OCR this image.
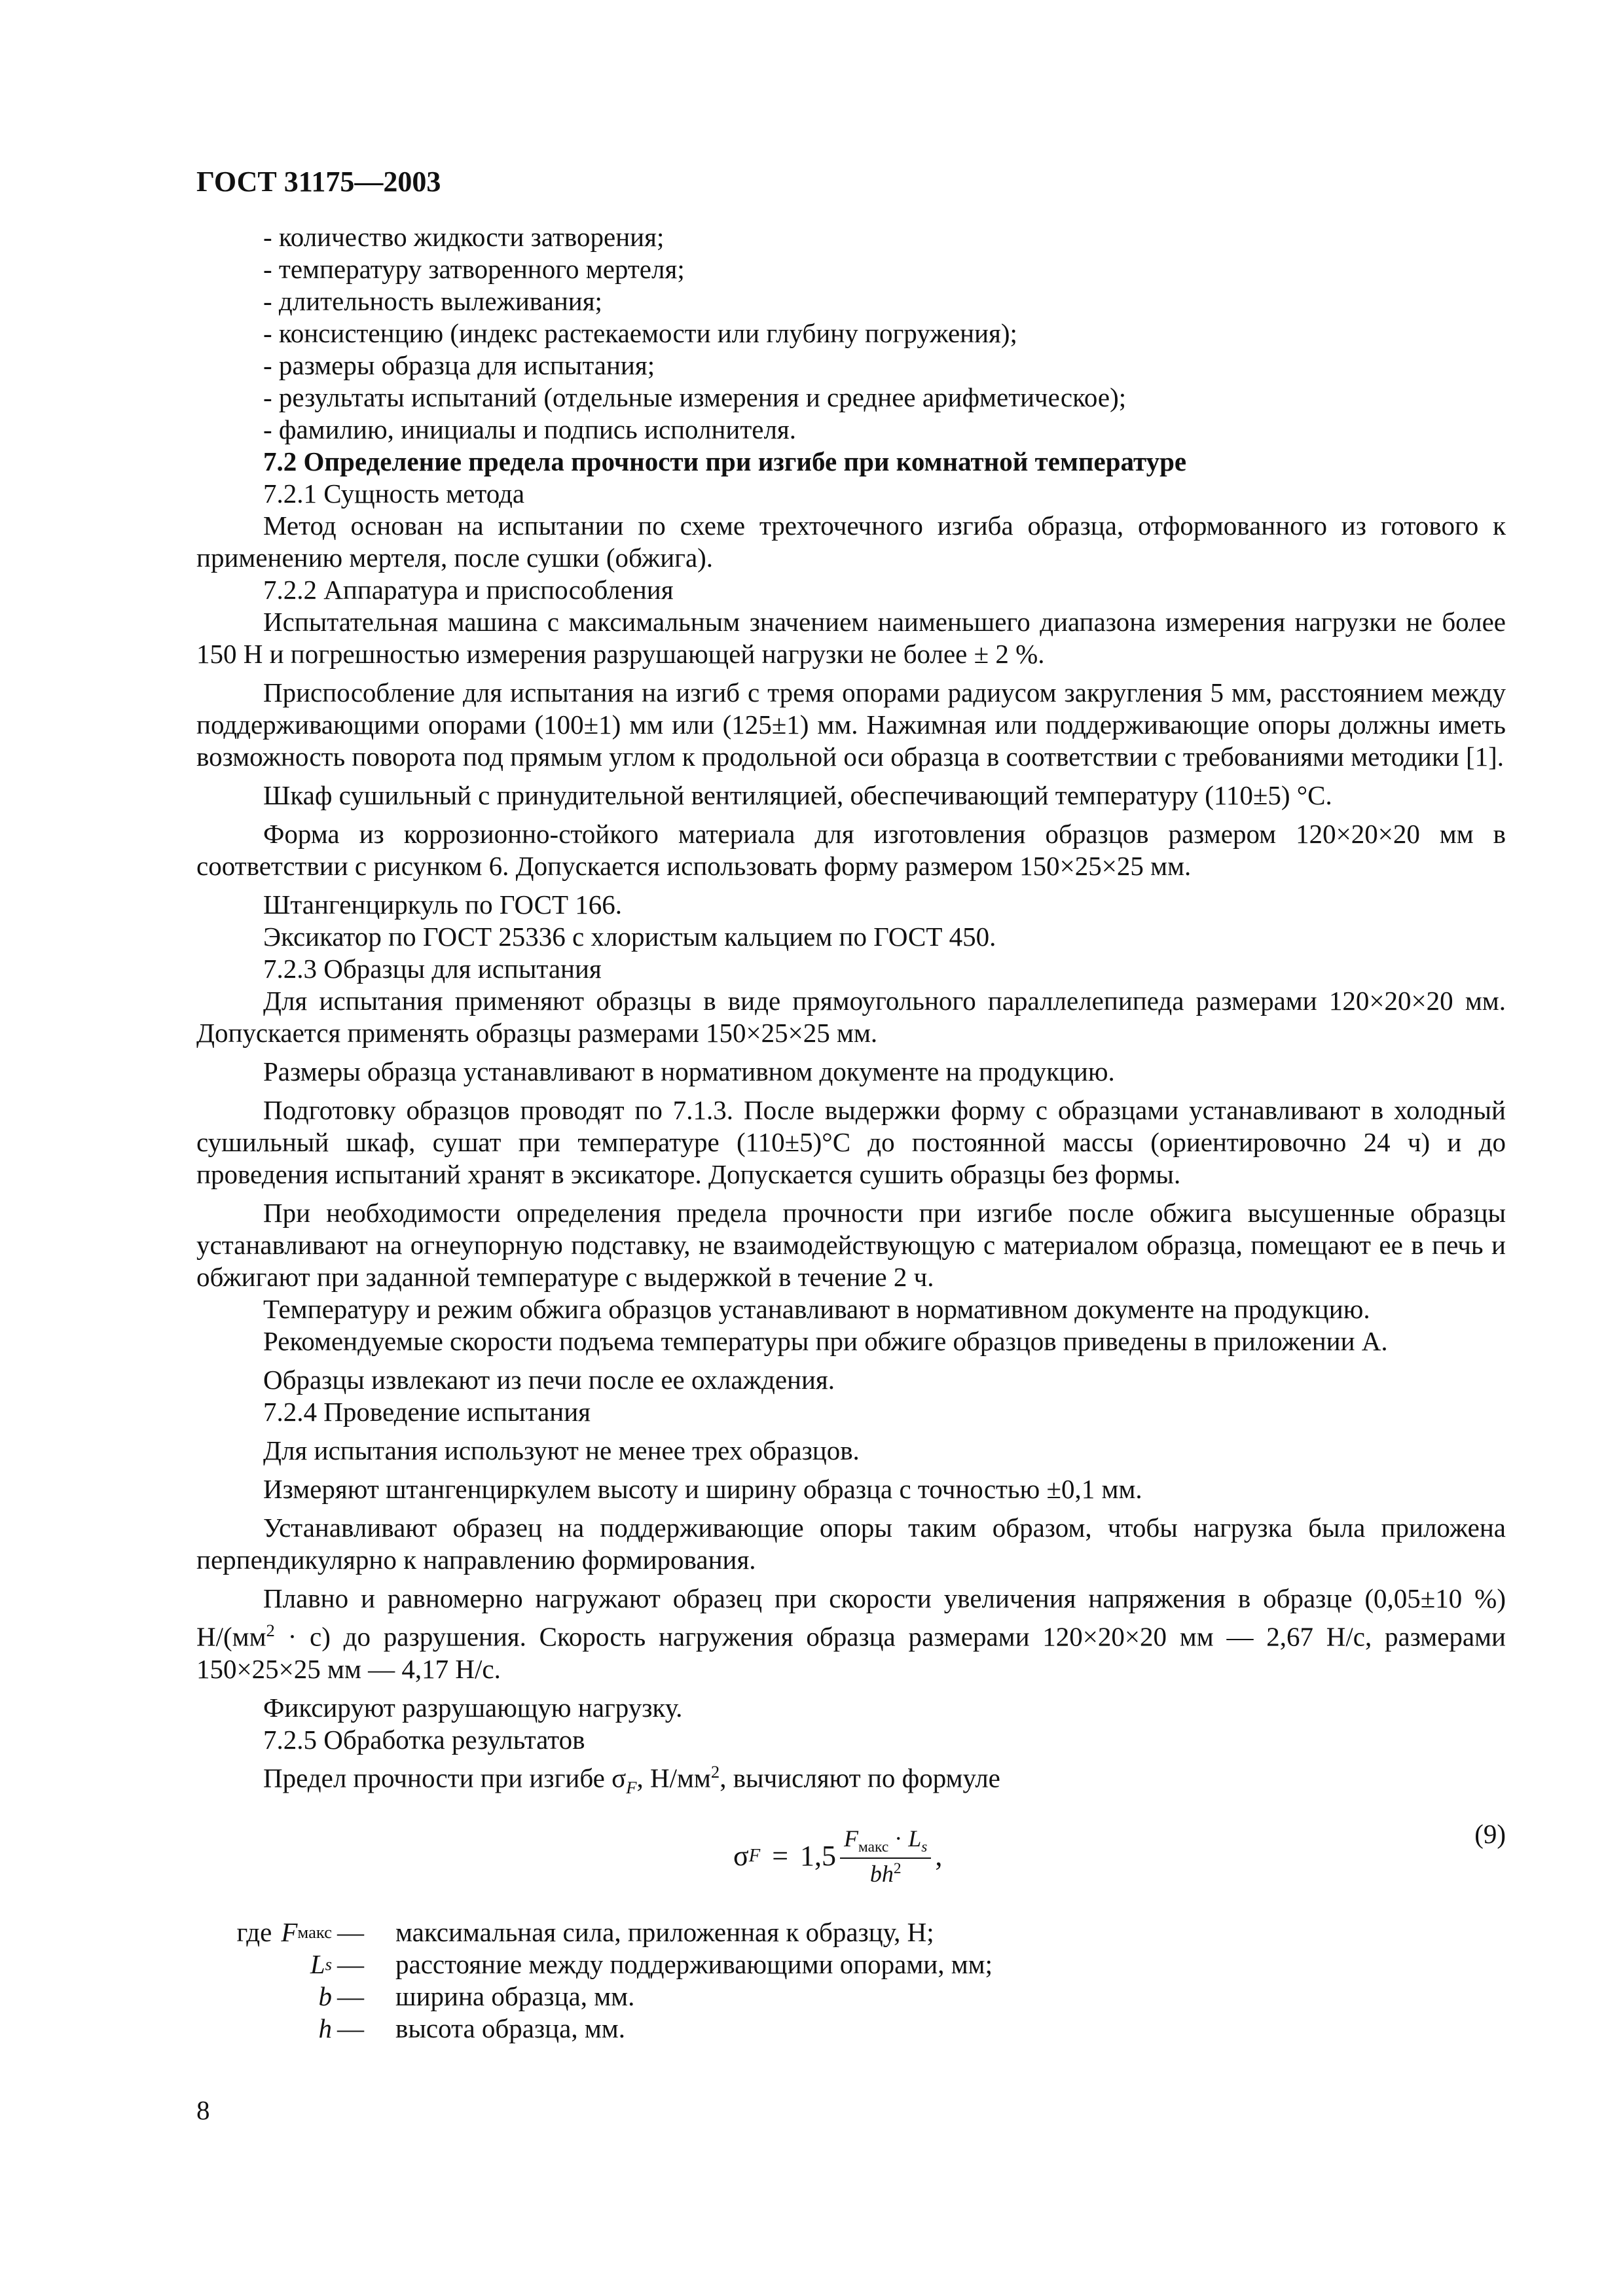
ГОСТ 31175—2003

- количество жидкости затворения;

- температуру затворенного мертеля;

- длительность вылеживания;

- консистенцию (индекс растекаемости или глубину погружения);

- размеры образца для испытания;

- результаты испытаний (отдельные измерения и среднее арифметическое);

- фамилию, инициалы и подпись исполнителя.

7.2 Определение предела прочности при изгибе при комнатной температуре

7.2.1 Сущность метода

Метод основан на испытании по схеме трехточечного изгиба образца, отформованного из готового к применению мертеля, после сушки (обжига).

7.2.2 Аппаратура и приспособления

Испытательная машина с максимальным значением наименьшего диапазона измерения нагрузки не более 150 Н и погрешностью измерения разрушающей нагрузки не более ± 2 %.

Приспособление для испытания на изгиб с тремя опорами радиусом закругления 5 мм, расстоянием между поддерживающими опорами (100±1) мм или (125±1) мм. Нажимная или поддерживающие опоры должны иметь возможность поворота под прямым углом к продольной оси образца в соответствии с требованиями методики [1].

Шкаф сушильный с принудительной вентиляцией, обеспечивающий температуру (110±5) °С.

Форма из коррозионно-стойкого материала для изготовления образцов размером 120×20×20 мм в соответствии с рисунком 6. Допускается использовать форму размером 150×25×25 мм.

Штангенциркуль по ГОСТ 166.

Эксикатор по ГОСТ 25336 с хлористым кальцием по ГОСТ 450.

7.2.3 Образцы для испытания

Для испытания применяют образцы в виде прямоугольного параллелепипеда размерами 120×20×20 мм. Допускается применять образцы размерами 150×25×25 мм.

Размеры образца устанавливают в нормативном документе на продукцию.

Подготовку образцов проводят по 7.1.3. После выдержки форму с образцами устанавливают в холодный сушильный шкаф, сушат при температуре (110±5)°С до постоянной массы (ориентировочно 24 ч) и до проведения испытаний хранят в эксикаторе. Допускается сушить образцы без формы.

При необходимости определения предела прочности при изгибе после обжига высушенные образцы устанавливают на огнеупорную подставку, не взаимодействующую с материалом образца, помещают ее в печь и обжигают при заданной температуре с выдержкой в течение 2 ч.

Температуру и режим обжига образцов устанавливают в нормативном документе на продукцию.

Рекомендуемые скорости подъема температуры при обжиге образцов приведены в приложении А.

Образцы извлекают из печи после ее охлаждения.

7.2.4 Проведение испытания

Для испытания используют не менее трех образцов.

Измеряют штангенциркулем высоту и ширину образца с точностью ±0,1 мм.

Устанавливают образец на поддерживающие опоры таким образом, чтобы нагрузка была приложена перпендикулярно к направлению формирования.

Плавно и равномерно нагружают образец при скорости увеличения напряжения в образце (0,05±10 %) $Н/(мм^2 \cdot с)$ до разрушения. Скорость нагружения образца размерами 120×20×20 мм — 2,67 Н/с, размерами 150×25×25 мм — 4,17 Н/с.

Фиксируют разрушающую нагрузку.

7.2.5 Обработка результатов

Предел прочности при изгибе $\sigma_F$, $Н/мм^2$, вычисляют по формуле

σ $F = 1,5 \frac{F_{макс} \cdot L_s}{bh^2}$ ,
(9)
где F макс —	максимальная сила, приложенная к образцу, Н;
L s —	расстояние между поддерживающими опорами, мм;
b —	ширина образца, мм.
h —	высота образца, мм.
8
